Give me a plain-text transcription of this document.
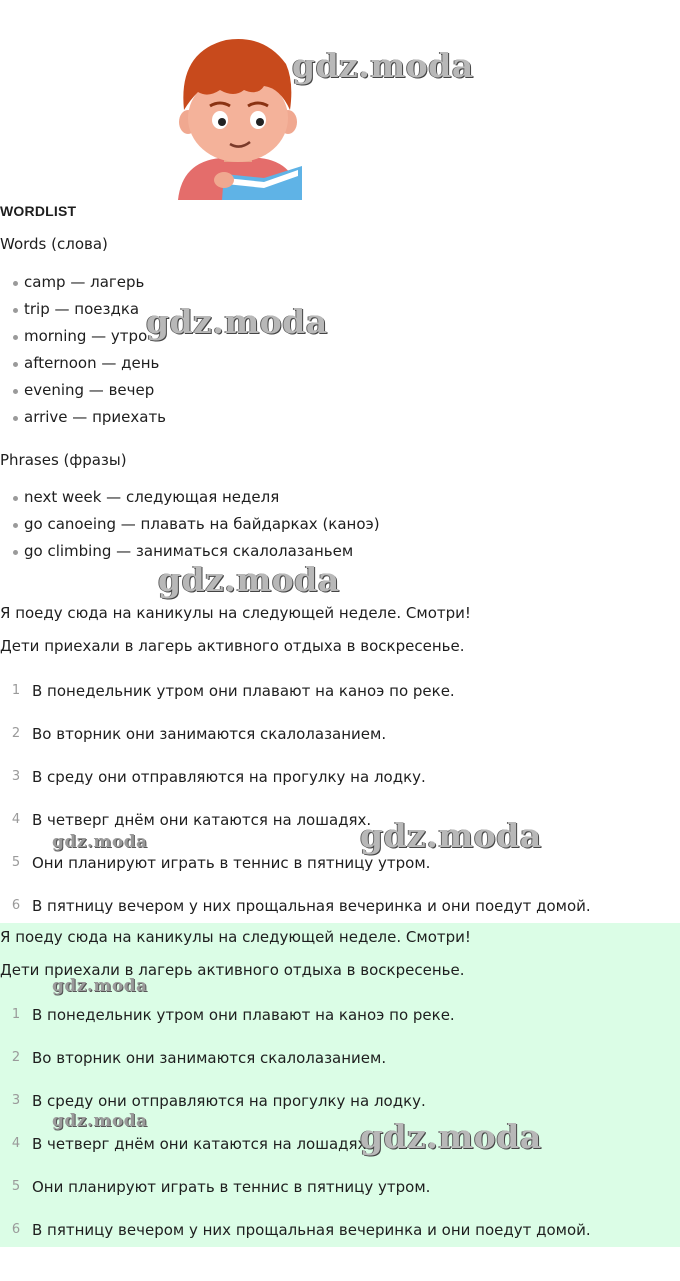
gdz.moda
WORDLIST
Words (слова)
camp — лагерь
trip — поездка
morning — утро
afternoon — день
evening — вечер
arrive — приехать
gdz.moda
Phrases (фразы)
next week — следующая неделя
go canoeing — плавать на байдарках (каноэ)
go climbing — заниматься скалолазаньем
gdz.moda
Я поеду сюда на каникулы на следующей неделе. Смотри!
Дети приехали в лагерь активного отдыха в воскресенье.
1 В понедельник утром они плавают на каноэ по реке.
2 Во вторник они занимаются скалолазанием.
3 В среду они отправляются на прогулку на лодку.
4 В четверг днём они катаются на лошадях.
5 Они планируют играть в теннис в пятницу утром.
6 В пятницу вечером у них прощальная вечеринка и они поедут домой.
gdz.moda	gdz.moda
Я поеду сюда на каникулы на следующей неделе. Смотри!
Дети приехали в лагерь активного отдыха в воскресенье.
1 В понедельник утром они плавают на каноэ по реке.
2 Во вторник они занимаются скалолазанием.
3 В среду они отправляются на прогулку на лодку.
4 В четверг днём они катаются на лошадях.
5 Они планируют играть в теннис в пятницу утром.
6 В пятницу вечером у них прощальная вечеринка и они поедут домой.
gdz.moda
gdz.moda	gdz.moda
